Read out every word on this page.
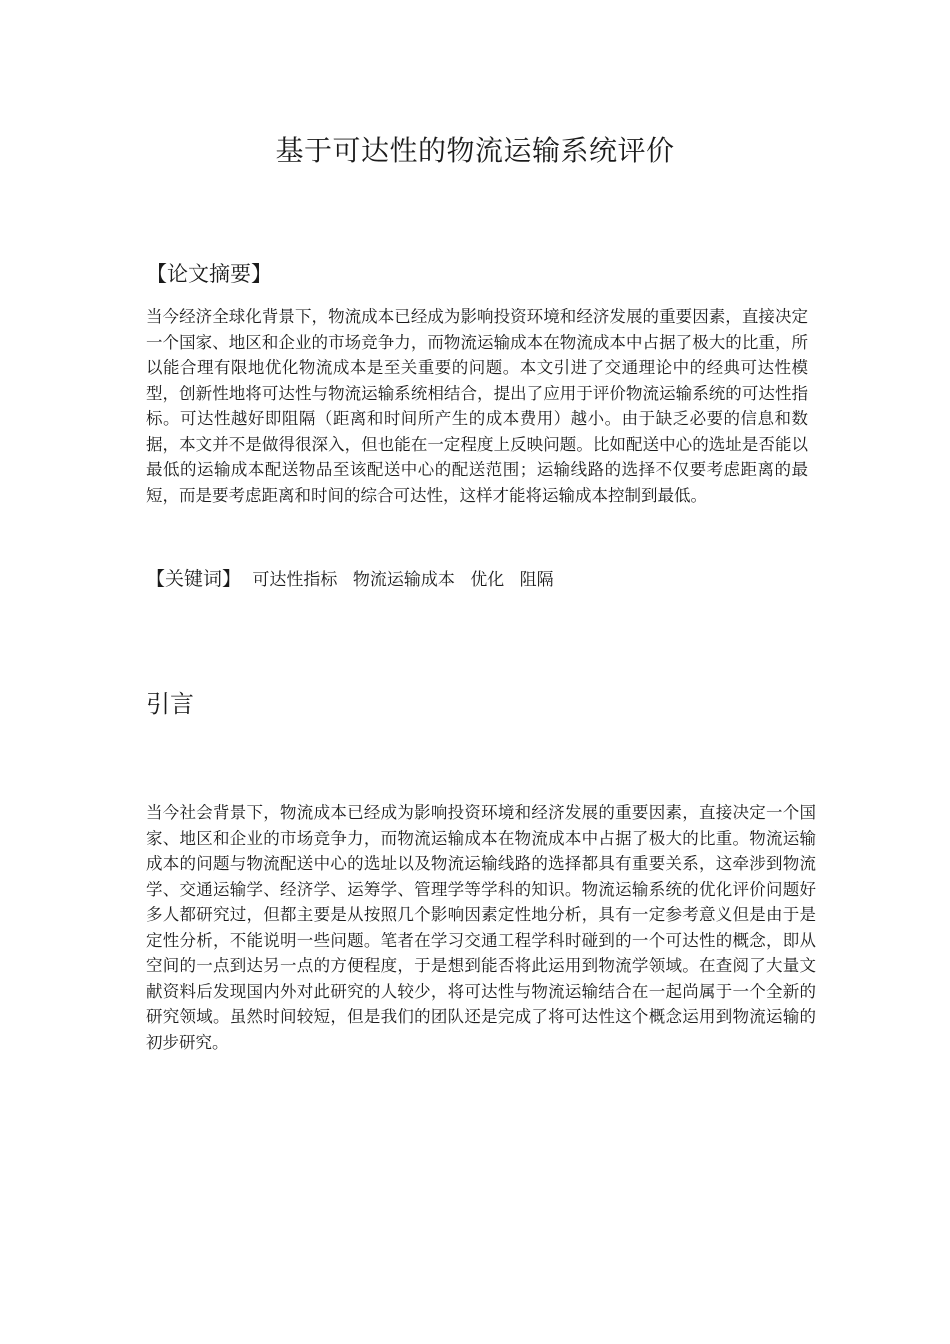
基于可达性的物流运输系统评价
【论文摘要】

当今经济全球化背景下，物流成本已经成为影响投资环境和经济发展的重要因素，直接决定一个国家、地区和企业的市场竞争力，而物流运输成本在物流成本中占据了极大的比重，所以能合理有限地优化物流成本是至关重要的问题。本文引进了交通理论中的经典可达性模型，创新性地将可达性与物流运输系统相结合，提出了应用于评价物流运输系统的可达性指标。可达性越好即阻隔（距离和时间所产生的成本费用）越小。由于缺乏必要的信息和数据，本文并不是做得很深入，但也能在一定程度上反映问题。比如配送中心的选址是否能以最低的运输成本配送物品至该配送中心的配送范围；运输线路的选择不仅要考虑距离的最短，而是要考虑距离和时间的综合可达性，这样才能将运输成本控制到最低。

【关键词】 可达性指标 物流运输成本 优化 阻隔
引言

当今社会背景下，物流成本已经成为影响投资环境和经济发展的重要因素，直接决定一个国家、地区和企业的市场竞争力，而物流运输成本在物流成本中占据了极大的比重。物流运输成本的问题与物流配送中心的选址以及物流运输线路的选择都具有重要关系，这牵涉到物流学、交通运输学、经济学、运筹学、管理学等学科的知识。物流运输系统的优化评价问题好多人都研究过，但都主要是从按照几个影响因素定性地分析，具有一定参考意义但是由于是定性分析，不能说明一些问题。笔者在学习交通工程学科时碰到的一个可达性的概念，即从空间的一点到达另一点的方便程度，于是想到能否将此运用到物流学领域。在查阅了大量文献资料后发现国内外对此研究的人较少，将可达性与物流运输结合在一起尚属于一个全新的研究领域。虽然时间较短，但是我们的团队还是完成了将可达性这个概念运用到物流运输的初步研究。
